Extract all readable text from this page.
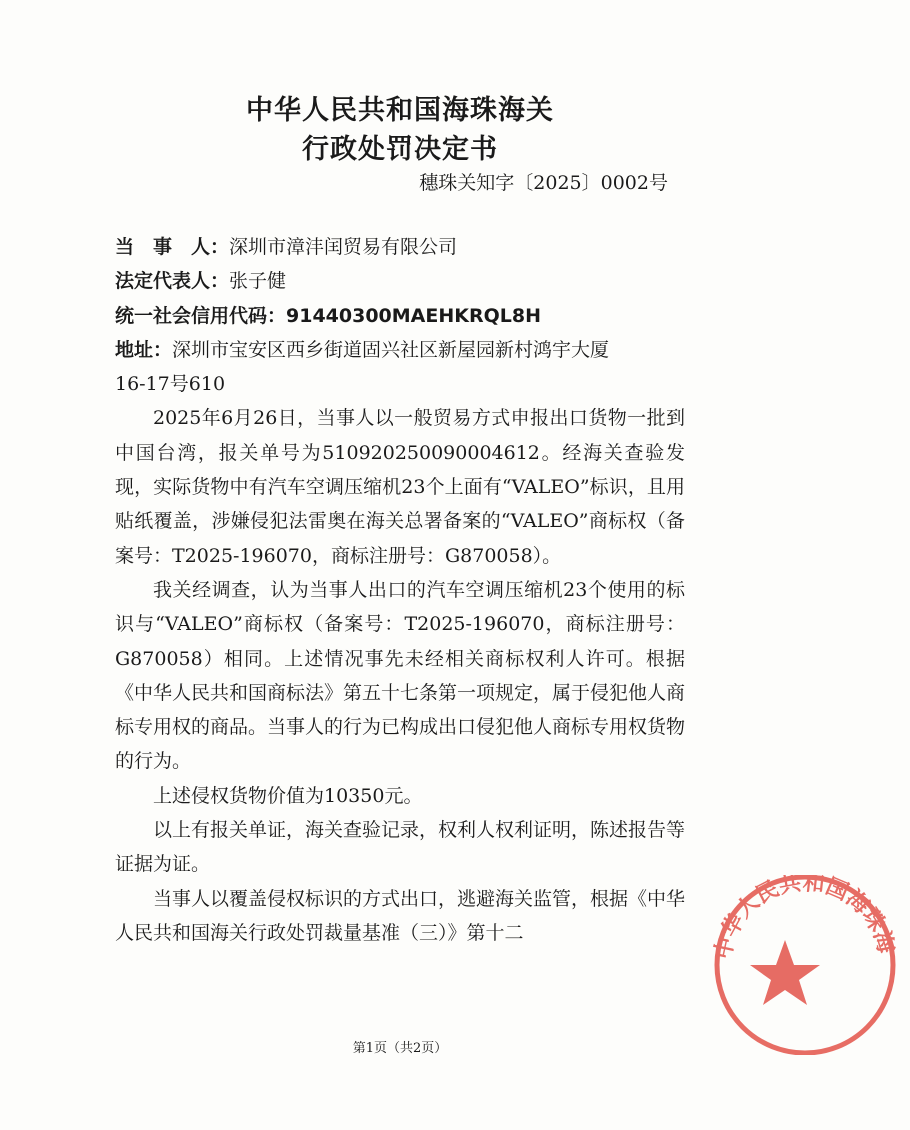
中华人民共和国海珠海关
行政处罚决定书
穗珠关知字〔2025〕0002号
当　事　人：深圳市漳沣闰贸易有限公司
法定代表人：张子健
统一社会信用代码：91440300MAEHKRQL8H
地址：深圳市宝安区西乡街道固兴社区新屋园新村鸿宇大厦
16-17号610

2025年6月26日，当事人以一般贸易方式申报出口货物一批到中国台湾，报关单号为510920250090004612。经海关查验发现，实际货物中有汽车空调压缩机23个上面有“VALEO”标识，且用贴纸覆盖，涉嫌侵犯法雷奥在海关总署备案的“VALEO”商标权（备案号：T2025-196070，商标注册号：G870058）。

我关经调查，认为当事人出口的汽车空调压缩机23个使用的标识与“VALEO”商标权（备案号：T2025-196070，商标注册号：G870058）相同。上述情况事先未经相关商标权利人许可。根据《中华人民共和国商标法》第五十七条第一项规定，属于侵犯他人商标专用权的商品。当事人的行为已构成出口侵犯他人商标专用权货物的行为。

上述侵权货物价值为10350元。

以上有报关单证，海关查验记录，权利人权利证明，陈述报告等证据为证。

当事人以覆盖侵权标识的方式出口，逃避海关监管，根据《中华人民共和国海关行政处罚裁量基准（三）》第十二

第1页（共2页）
中华人民共和国海珠海
